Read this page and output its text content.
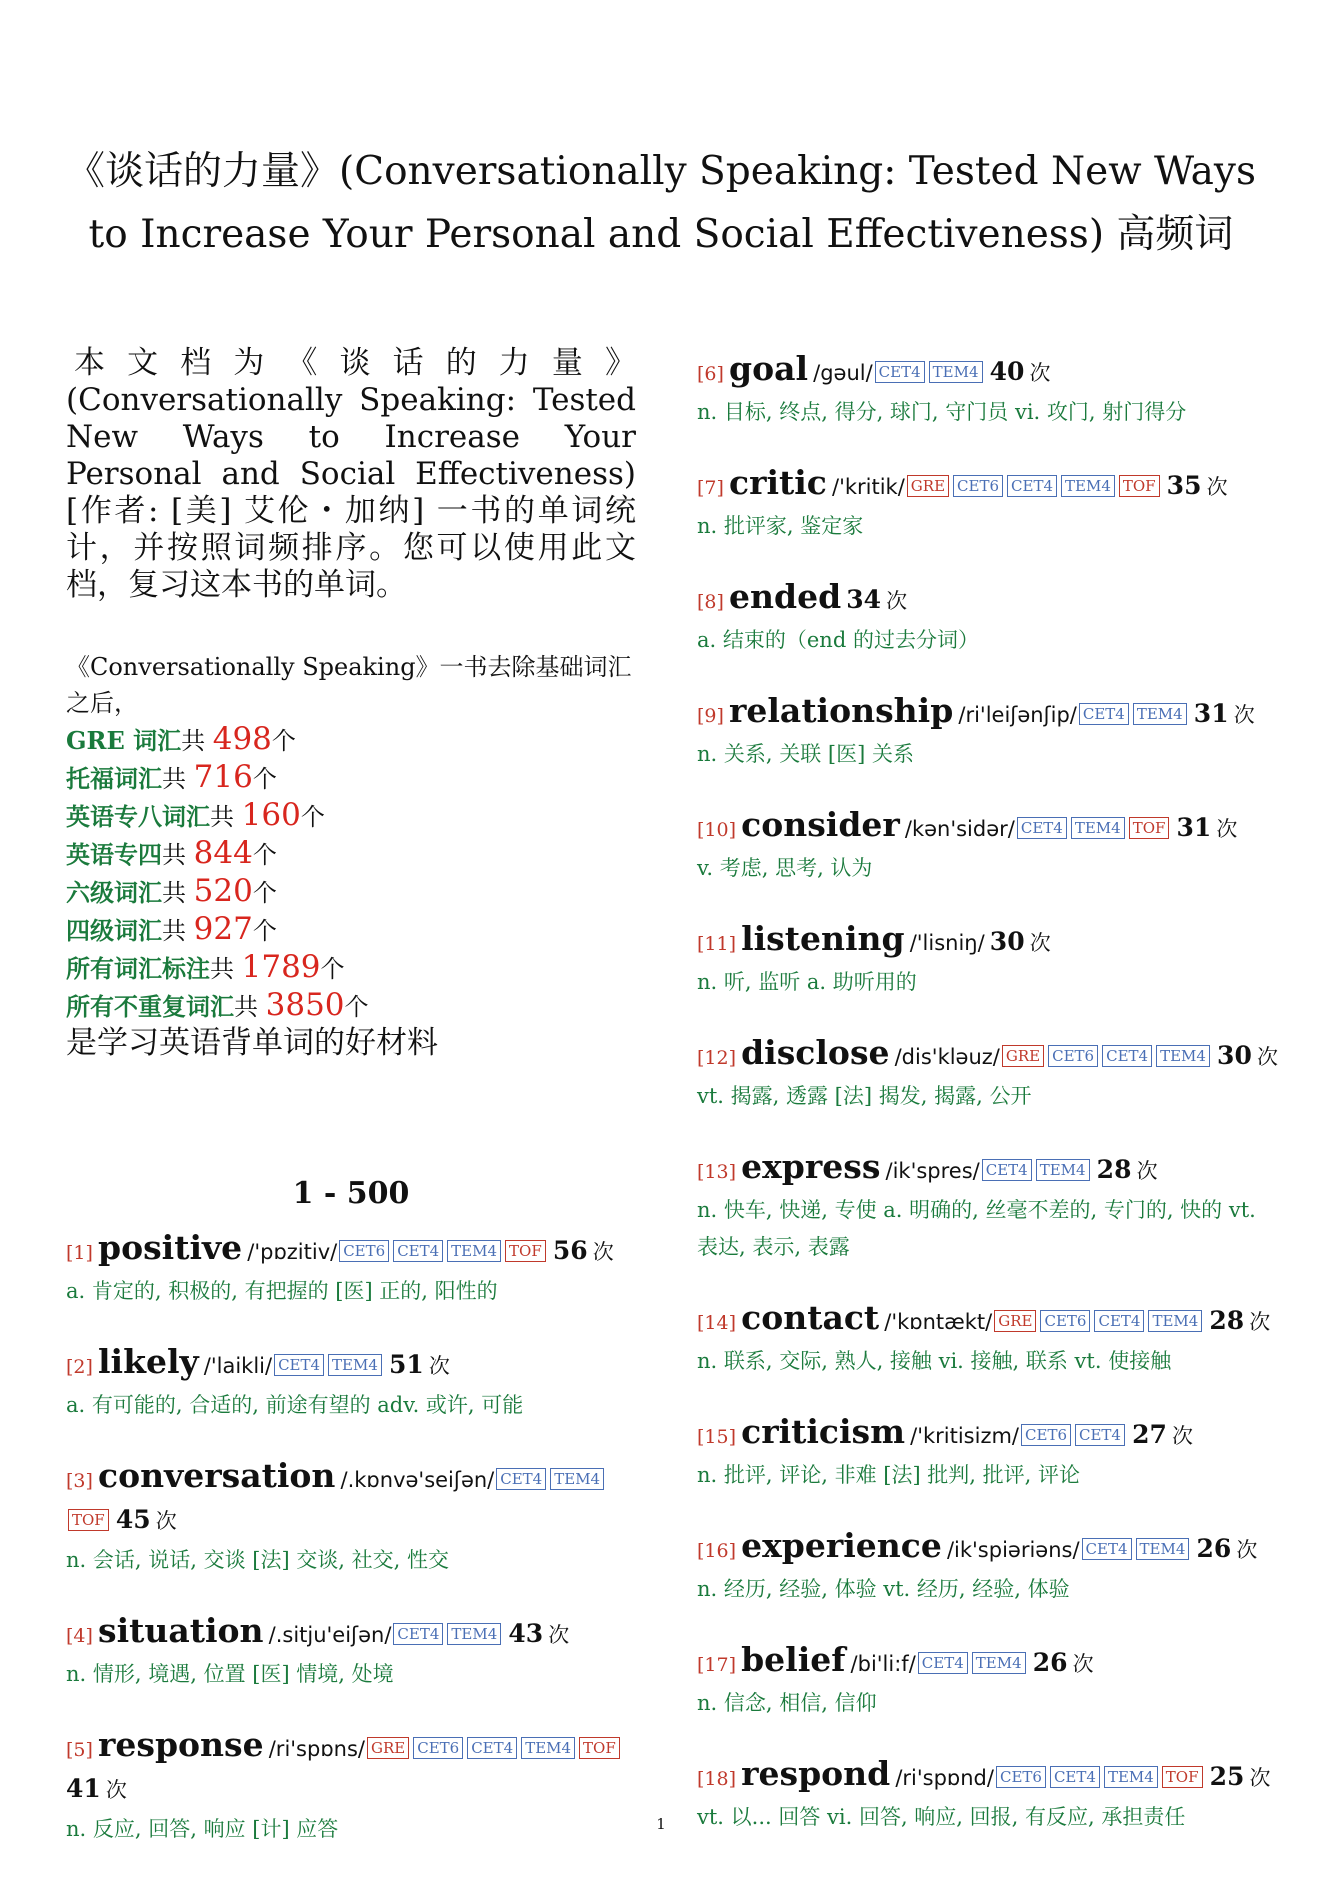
《谈话的力量》(Conversationally Speaking: Tested New Ways to Increase Your Personal and Social Effectiveness) 高频词

本文档为《谈话的力量》(Conversationally Speaking: Tested New Ways to Increase Your Personal and Social Effectiveness)[作者: [美] 艾伦・加纳] 一书的单词统计，并按照词频排序。您可以使用此文档，复习这本书的单词。

《Conversationally Speaking》一书去除基础词汇之后，
GRE 词汇共 498个
托福词汇共 716个
英语专八词汇共 160个
英语专四共 844个
六级词汇共 520个
四级词汇共 927个
所有词汇标注共 1789个
所有不重复词汇共 3850个
是学习英语背单词的好材料
1 - 500
[1] positive /'pɒzitiv/ CET6 CET4 TEM4 TOF 56 次
a. 肯定的, 积极的, 有把握的 [医] 正的, 阳性的
[2] likely /'laikli/ CET4 TEM4 51 次
a. 有可能的, 合适的, 前途有望的 adv. 或许, 可能
[3] conversation /.kɒnvə'seiʃən/ CET4 TEM4TOF 45 次
n. 会话, 说话, 交谈 [法] 交谈, 社交, 性交
[4] situation /.sitju'eiʃən/ CET4 TEM4 43 次
n. 情形, 境遇, 位置 [医] 情境, 处境
[5] response /ri'spɒns/ GRE CET6 CET4 TEM4 TOF 41 次
n. 反应, 回答, 响应 [计] 应答
[6] goal /gəul/ CET4 TEM4 40 次
n. 目标, 终点, 得分, 球门, 守门员 vi. 攻门, 射门得分
[7] critic /'kritik/ GRE CET6 CET4 TEM4 TOF 35 次
n. 批评家, 鉴定家
[8] ended 34 次
a. 结束的（end 的过去分词）
[9] relationship /ri'leiʃənʃip/ CET4 TEM4 31 次
n. 关系, 关联 [医] 关系
[10] consider /kən'sidər/ CET4 TEM4 TOF 31 次
v. 考虑, 思考, 认为
[11] listening /'lisniŋ/ 30 次
n. 听, 监听 a. 助听用的
[12] disclose /dis'kləuz/ GRE CET6 CET4 TEM4 30 次
vt. 揭露, 透露 [法] 揭发, 揭露, 公开
[13] express /ik'spres/ CET4 TEM4 28 次
n. 快车, 快递, 专使 a. 明确的, 丝毫不差的, 专门的, 快的 vt. 表达, 表示, 表露
[14] contact /'kɒntækt/ GRE CET6 CET4 TEM4 28 次
n. 联系, 交际, 熟人, 接触 vi. 接触, 联系 vt. 使接触
[15] criticism /'kritisizm/ CET6 CET4 27 次
n. 批评, 评论, 非难 [法] 批判, 批评, 评论
[16] experience /ik'spiəriəns/ CET4 TEM4 26 次
n. 经历, 经验, 体验 vt. 经历, 经验, 体验
[17] belief /bi'li:f/ CET4 TEM4 26 次
n. 信念, 相信, 信仰
[18] respond /ri'spɒnd/ CET6 CET4 TEM4 TOF 25 次
vt. 以... 回答 vi. 回答, 响应, 回报, 有反应, 承担责任
1
